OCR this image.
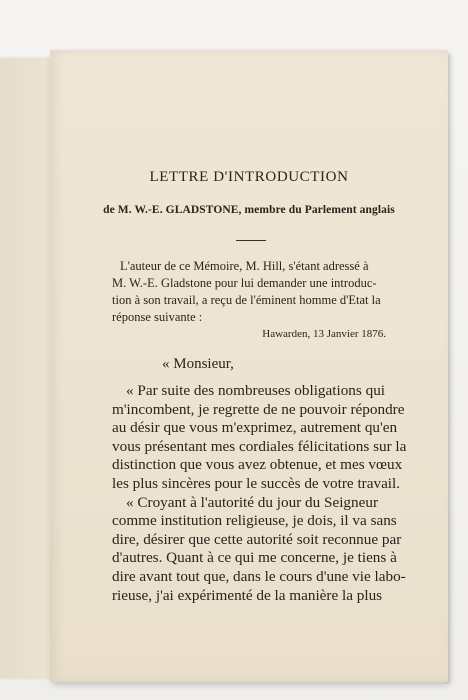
LETTRE D'INTRODUCTION
de M. W.-E. GLADSTONE, membre du Parlement anglais
L'auteur de ce Mémoire, M. Hill, s'étant adressé à
M. W.-E. Gladstone pour lui demander une introduc-
tion à son travail, a reçu de l'éminent homme d'Etat la
réponse suivante :
Hawarden, 13 Janvier 1876.
« Monsieur,
« Par suite des nombreuses obligations qui
m'incombent, je regrette de ne pouvoir répondre
au désir que vous m'exprimez, autrement qu'en
vous présentant mes cordiales félicitations sur la
distinction que vous avez obtenue, et mes vœux
les plus sincères pour le succès de votre travail.
« Croyant à l'autorité du jour du Seigneur
comme institution religieuse, je dois, il va sans
dire, désirer que cette autorité soit reconnue par
d'autres. Quant à ce qui me concerne, je tiens à
dire avant tout que, dans le cours d'une vie labo-
rieuse, j'ai expérimenté de la manière la plus
